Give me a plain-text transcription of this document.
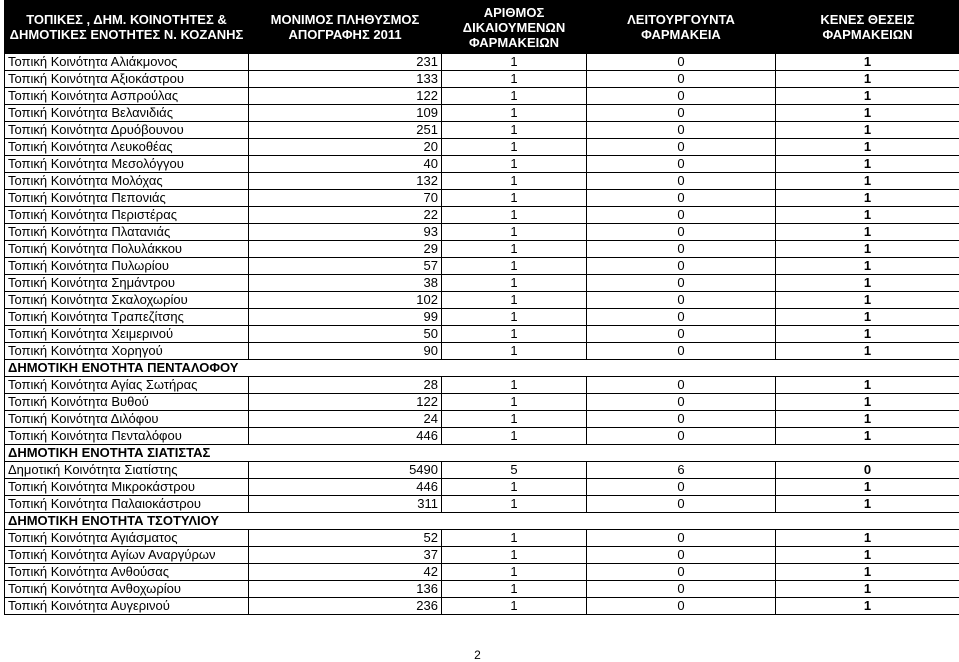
ΤΟΠΙΚΕΣ , ΔΗΜ. ΚΟΙΝΟΤΗΤΕΣ & ΔΗΜΟΤΙΚΕΣ ΕΝΟΤΗΤΕΣ Ν. ΚΟΖΑΝΗΣ	ΜΟΝΙΜΟΣ ΠΛΗΘΥΣΜΟΣ ΑΠΟΓΡΑΦΗΣ 2011	ΑΡΙΘΜΟΣ ΔΙΚΑΙΟΥΜΕΝΩΝ ΦΑΡΜΑΚΕΙΩΝ	ΛΕΙΤΟΥΡΓΟΥΝΤΑ ΦΑΡΜΑΚΕΙΑ	ΚΕΝΕΣ ΘΕΣΕΙΣ ΦΑΡΜΑΚΕΙΩΝ
Τοπική Κοινότητα Αλιάκμονος	231	1	0	1
Τοπική Κοινότητα Αξιοκάστρου	133	1	0	1
Τοπική Κοινότητα Ασπρούλας	122	1	0	1
Τοπική Κοινότητα Βελανιδιάς	109	1	0	1
Τοπική Κοινότητα Δρυόβουνου	251	1	0	1
Τοπική Κοινότητα Λευκοθέας	20	1	0	1
Τοπική Κοινότητα Μεσολόγγου	40	1	0	1
Τοπική Κοινότητα Μολόχας	132	1	0	1
Τοπική Κοινότητα Πεπονιάς	70	1	0	1
Τοπική Κοινότητα Περιστέρας	22	1	0	1
Τοπική Κοινότητα Πλατανιάς	93	1	0	1
Τοπική Κοινότητα Πολυλάκκου	29	1	0	1
Τοπική Κοινότητα Πυλωρίου	57	1	0	1
Τοπική Κοινότητα Σημάντρου	38	1	0	1
Τοπική Κοινότητα Σκαλοχωρίου	102	1	0	1
Τοπική Κοινότητα Τραπεζίτσης	99	1	0	1
Τοπική Κοινότητα Χειμερινού	50	1	0	1
Τοπική Κοινότητα Χορηγού	90	1	0	1
ΔΗΜΟΤΙΚΗ ΕΝΟΤΗΤΑ ΠΕΝΤΑΛΟΦΟΥ				
Τοπική Κοινότητα Αγίας Σωτήρας	28	1	0	1
Τοπική Κοινότητα Βυθού	122	1	0	1
Τοπική Κοινότητα Διλόφου	24	1	0	1
Τοπική Κοινότητα Πενταλόφου	446	1	0	1
ΔΗΜΟΤΙΚΗ ΕΝΟΤΗΤΑ ΣΙΑΤΙΣΤΑΣ				
Δημοτική Κοινότητα Σιατίστης	5490	5	6	0
Τοπική Κοινότητα Μικροκάστρου	446	1	0	1
Τοπική Κοινότητα Παλαιοκάστρου	311	1	0	1
ΔΗΜΟΤΙΚΗ ΕΝΟΤΗΤΑ ΤΣΟΤΥΛΙΟΥ				
Τοπική Κοινότητα Αγιάσματος	52	1	0	1
Τοπική Κοινότητα Αγίων Αναργύρων	37	1	0	1
Τοπική Κοινότητα Ανθούσας	42	1	0	1
Τοπική Κοινότητα Ανθοχωρίου	136	1	0	1
Τοπική Κοινότητα Αυγερινού	236	1	0	1
2
